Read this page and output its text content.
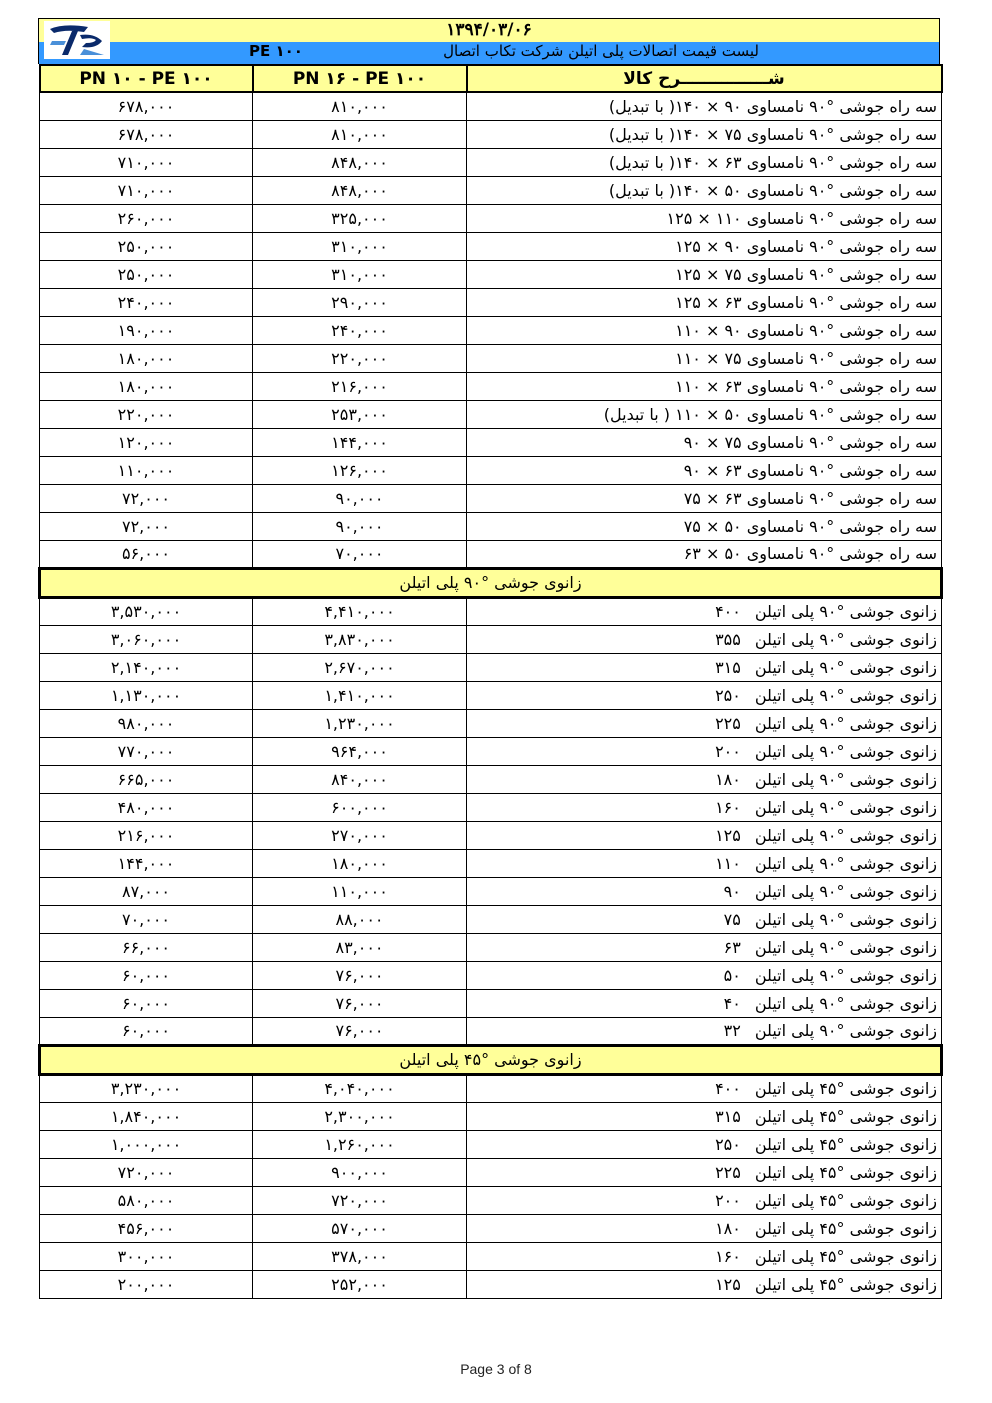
۱۳۹۴/۰۳/۰۶
PE ۱۰۰	لیست قیمت اتصالات پلی اتیلن شرکت تکاب اتصال
PN ۱۰ - PE ۱۰۰	PN ۱۶ - PE ۱۰۰	شـــــــــــــــرح کالا
۶۷۸,۰۰۰	۸۱۰,۰۰۰	سه راه جوشی °۹۰ نامساوی ۹۰ × ۱۴۰( با تبدیل)
۶۷۸,۰۰۰	۸۱۰,۰۰۰	سه راه جوشی °۹۰ نامساوی ۷۵ × ۱۴۰( با تبدیل)
۷۱۰,۰۰۰	۸۴۸,۰۰۰	سه راه جوشی °۹۰ نامساوی ۶۳ × ۱۴۰( با تبدیل)
۷۱۰,۰۰۰	۸۴۸,۰۰۰	سه راه جوشی °۹۰ نامساوی ۵۰ × ۱۴۰( با تبدیل)
۲۶۰,۰۰۰	۳۲۵,۰۰۰	سه راه جوشی °۹۰ نامساوی ۱۱۰ × ۱۲۵
۲۵۰,۰۰۰	۳۱۰,۰۰۰	سه راه جوشی °۹۰ نامساوی ۹۰ × ۱۲۵
۲۵۰,۰۰۰	۳۱۰,۰۰۰	سه راه جوشی °۹۰ نامساوی ۷۵ × ۱۲۵
۲۴۰,۰۰۰	۲۹۰,۰۰۰	سه راه جوشی °۹۰ نامساوی ۶۳ × ۱۲۵
۱۹۰,۰۰۰	۲۴۰,۰۰۰	سه راه جوشی °۹۰ نامساوی ۹۰ × ۱۱۰
۱۸۰,۰۰۰	۲۲۰,۰۰۰	سه راه جوشی °۹۰ نامساوی ۷۵ × ۱۱۰
۱۸۰,۰۰۰	۲۱۶,۰۰۰	سه راه جوشی °۹۰ نامساوی ۶۳ × ۱۱۰
۲۲۰,۰۰۰	۲۵۳,۰۰۰	سه راه جوشی °۹۰ نامساوی ۵۰ × ۱۱۰ ( با تبدیل)
۱۲۰,۰۰۰	۱۴۴,۰۰۰	سه راه جوشی °۹۰ نامساوی ۷۵ × ۹۰
۱۱۰,۰۰۰	۱۲۶,۰۰۰	سه راه جوشی °۹۰ نامساوی ۶۳ × ۹۰
۷۲,۰۰۰	۹۰,۰۰۰	سه راه جوشی °۹۰ نامساوی ۶۳ × ۷۵
۷۲,۰۰۰	۹۰,۰۰۰	سه راه جوشی °۹۰ نامساوی ۵۰ × ۷۵
۵۶,۰۰۰	۷۰,۰۰۰	سه راه جوشی °۹۰ نامساوی ۵۰ × ۶۳
زانوی جوشی °۹۰ پلی اتیلن		
۳,۵۳۰,۰۰۰	۴,۴۱۰,۰۰۰	زانوی جوشی °۹۰ پلی اتیلن۴۰۰
۳,۰۶۰,۰۰۰	۳,۸۳۰,۰۰۰	زانوی جوشی °۹۰ پلی اتیلن۳۵۵
۲,۱۴۰,۰۰۰	۲,۶۷۰,۰۰۰	زانوی جوشی °۹۰ پلی اتیلن۳۱۵
۱,۱۳۰,۰۰۰	۱,۴۱۰,۰۰۰	زانوی جوشی °۹۰ پلی اتیلن۲۵۰
۹۸۰,۰۰۰	۱,۲۳۰,۰۰۰	زانوی جوشی °۹۰ پلی اتیلن۲۲۵
۷۷۰,۰۰۰	۹۶۴,۰۰۰	زانوی جوشی °۹۰ پلی اتیلن۲۰۰
۶۶۵,۰۰۰	۸۴۰,۰۰۰	زانوی جوشی °۹۰ پلی اتیلن۱۸۰
۴۸۰,۰۰۰	۶۰۰,۰۰۰	زانوی جوشی °۹۰ پلی اتیلن۱۶۰
۲۱۶,۰۰۰	۲۷۰,۰۰۰	زانوی جوشی °۹۰ پلی اتیلن۱۲۵
۱۴۴,۰۰۰	۱۸۰,۰۰۰	زانوی جوشی °۹۰ پلی اتیلن۱۱۰
۸۷,۰۰۰	۱۱۰,۰۰۰	زانوی جوشی °۹۰ پلی اتیلن۹۰
۷۰,۰۰۰	۸۸,۰۰۰	زانوی جوشی °۹۰ پلی اتیلن۷۵
۶۶,۰۰۰	۸۳,۰۰۰	زانوی جوشی °۹۰ پلی اتیلن۶۳
۶۰,۰۰۰	۷۶,۰۰۰	زانوی جوشی °۹۰ پلی اتیلن۵۰
۶۰,۰۰۰	۷۶,۰۰۰	زانوی جوشی °۹۰ پلی اتیلن۴۰
۶۰,۰۰۰	۷۶,۰۰۰	زانوی جوشی °۹۰ پلی اتیلن۳۲
زانوی جوشی °۴۵ پلی اتیلن		
۳,۲۳۰,۰۰۰	۴,۰۴۰,۰۰۰	زانوی جوشی °۴۵ پلی اتیلن۴۰۰
۱,۸۴۰,۰۰۰	۲,۳۰۰,۰۰۰	زانوی جوشی °۴۵ پلی اتیلن۳۱۵
۱,۰۰۰,۰۰۰	۱,۲۶۰,۰۰۰	زانوی جوشی °۴۵ پلی اتیلن۲۵۰
۷۲۰,۰۰۰	۹۰۰,۰۰۰	زانوی جوشی °۴۵ پلی اتیلن۲۲۵
۵۸۰,۰۰۰	۷۲۰,۰۰۰	زانوی جوشی °۴۵ پلی اتیلن۲۰۰
۴۵۶,۰۰۰	۵۷۰,۰۰۰	زانوی جوشی °۴۵ پلی اتیلن۱۸۰
۳۰۰,۰۰۰	۳۷۸,۰۰۰	زانوی جوشی °۴۵ پلی اتیلن۱۶۰
۲۰۰,۰۰۰	۲۵۲,۰۰۰	زانوی جوشی °۴۵ پلی اتیلن۱۲۵
Page 3 of 8
